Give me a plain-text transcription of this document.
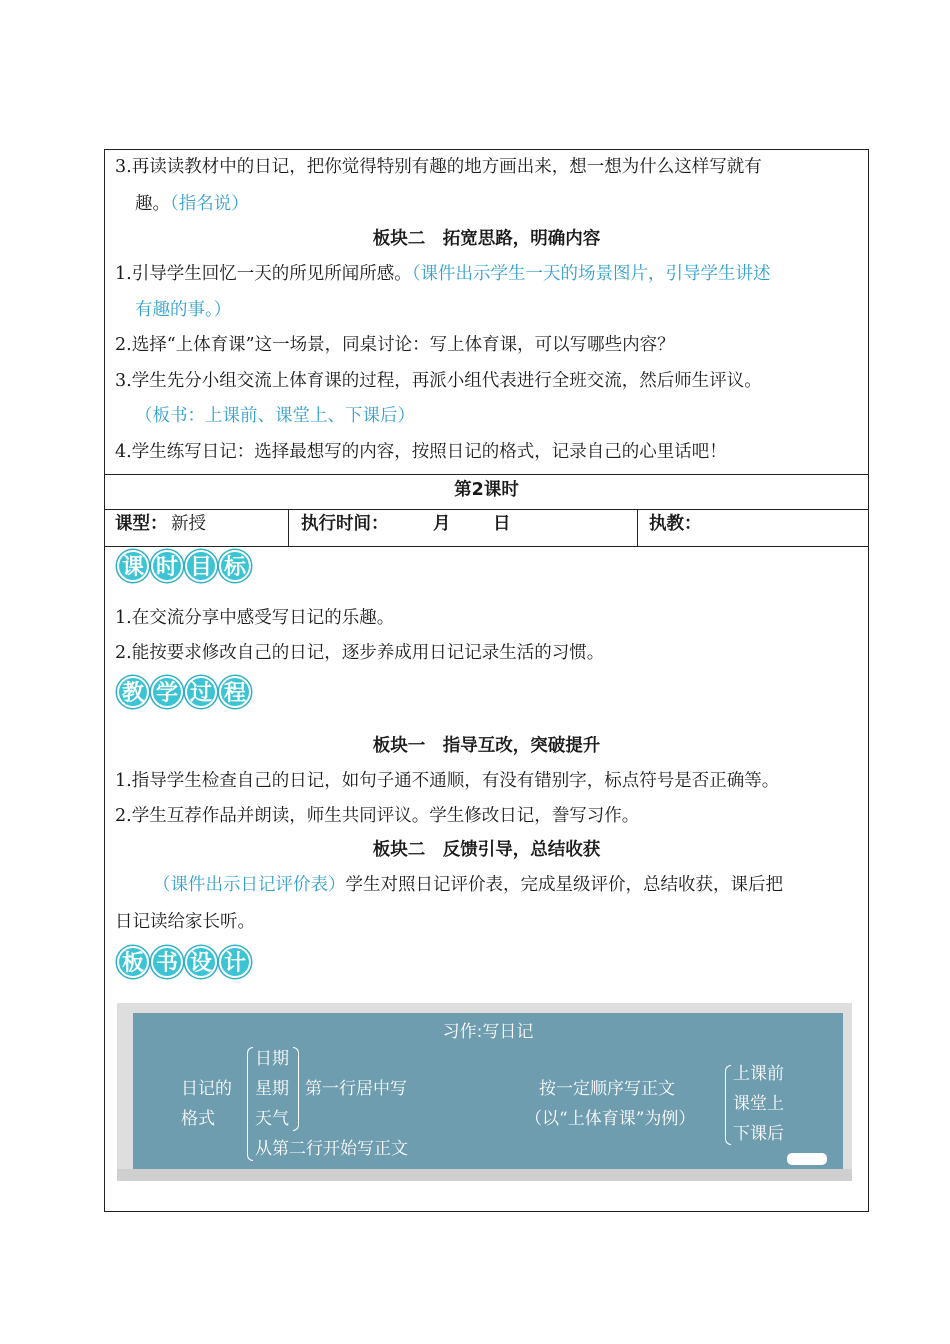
3.再读读教材中的日记，把你觉得特别有趣的地方画出来，想一想为什么这样写就有
趣。（指名说）
板块二　拓宽思路，明确内容
1.引导学生回忆一天的所见所闻所感。（课件出示学生一天的场景图片，引导学生讲述
有趣的事。）
2.选择“上体育课”这一场景，同桌讨论：写上体育课，可以写哪些内容？
3.学生先分小组交流上体育课的过程，再派小组代表进行全班交流，然后师生评议。
（板书：上课前、课堂上、下课后）
4.学生练写日记：选择最想写的内容，按照日记的格式，记录自己的心里话吧！
第2课时
课型： 新授	执行时间：	月 日	执教：
课 时 目 标
1.在交流分享中感受写日记的乐趣。
2.能按要求修改自己的日记，逐步养成用日记记录生活的习惯。
教 学 过 程
板块一　指导互改，突破提升
1.指导学生检查自己的日记，如句子通不通顺，有没有错别字，标点符号是否正确等。
2.学生互荐作品并朗读，师生共同评议。学生修改日记，誊写习作。
板块二　反馈引导，总结收获
（课件出示日记评价表）学生对照日记评价表，完成星级评价，总结收获，课后把
日记读给家长听。
板 书 设 计
习作:写日记
日记的
格式
日期
星期
天气
第一行居中写
从第二行开始写正文
按一定顺序写正文
（以“上体育课”为例）
上课前
课堂上
下课后
